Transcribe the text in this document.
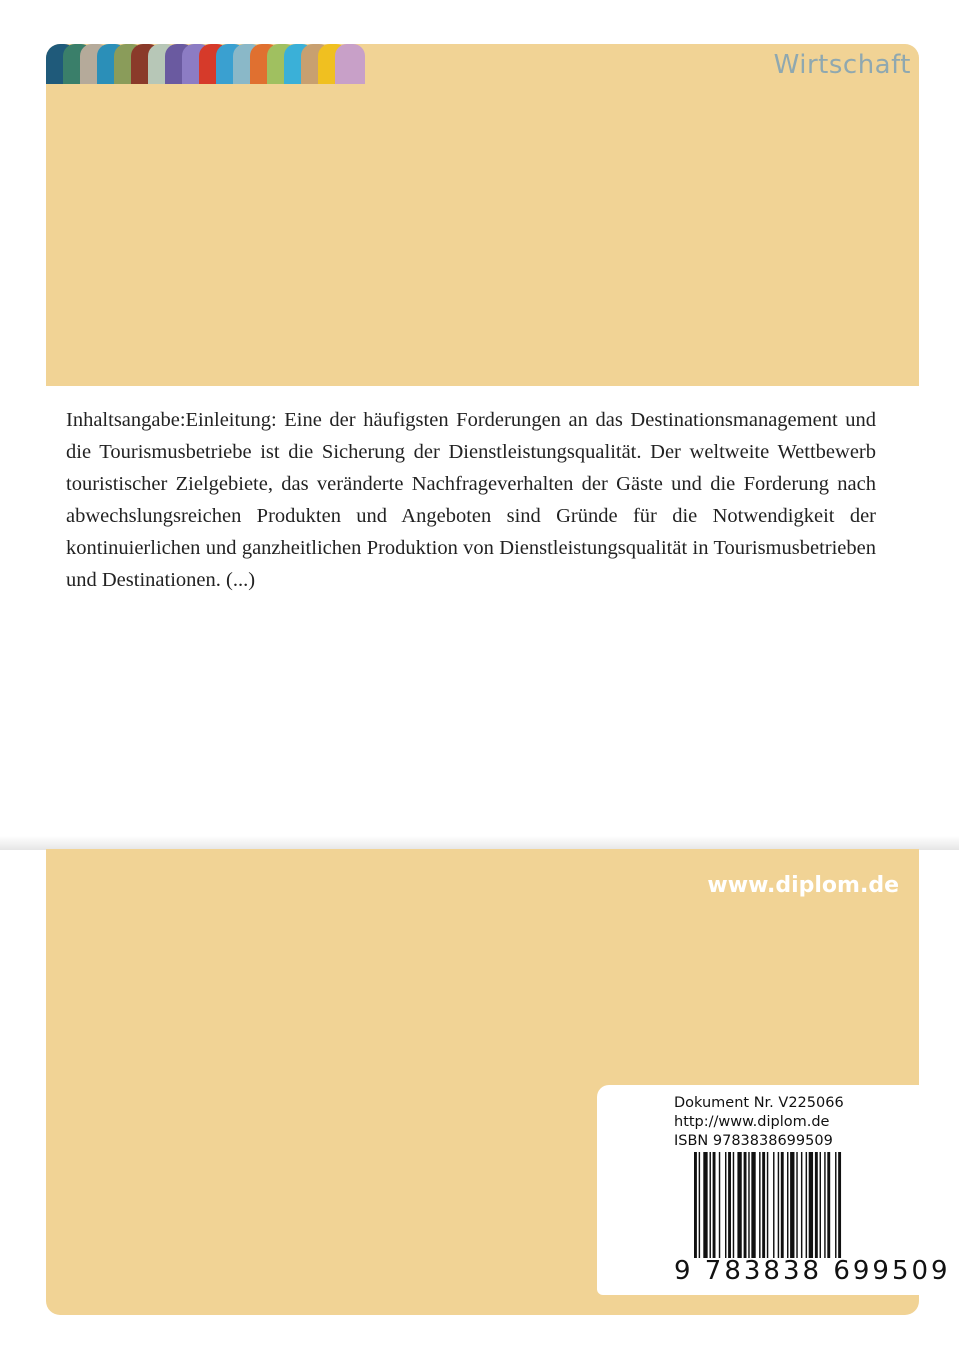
Wirtschaft
Inhaltsangabe:Einleitung: Eine der häufigsten Forderungen an das Destinationsmanagement und die Tourismusbetriebe ist die Sicherung der Dienstleistungsqualität. Der weltweite Wettbewerb touristischer Zielgebiete, das veränderte Nachfrageverhalten der Gäste und die Forderung nach abwechslungsreichen Produkten und Angeboten sind Gründe für die Notwendigkeit der kontinuierlichen und ganzheitlichen Produktion von Dienstleistungsqualität in Tourismusbetrieben und Destinationen. (...)
www.diplom.de
Dokument Nr. V225066
http://www.diplom.de
ISBN 9783838699509
9 783838 699509
